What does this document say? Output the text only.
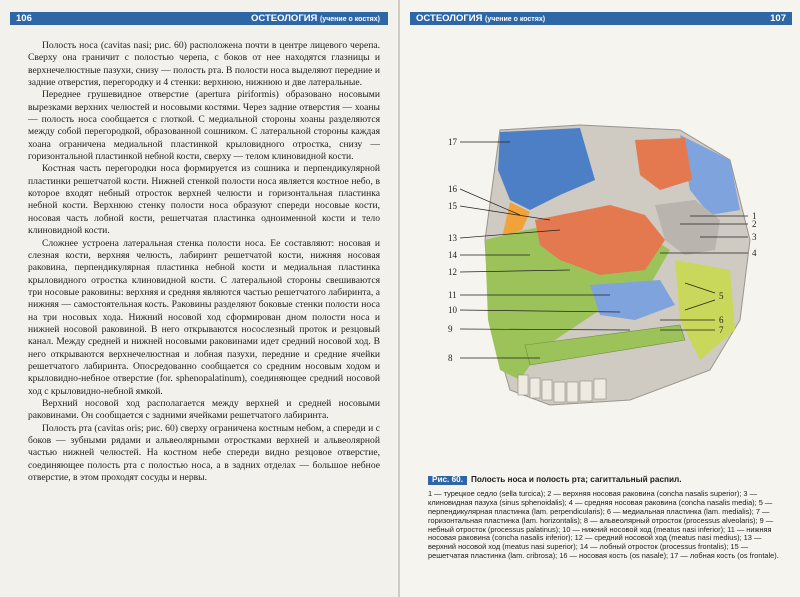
106	ОСТЕОЛОГИЯ (учение о костях)

Полость носа (cavitas nasi; рис. 60) расположена почти в центре лицевого черепа. Сверху она граничит с полостью черепа, с боков от нее находятся глазницы и верхнечелюстные пазухи, снизу — полость рта. В полости носа выделяют передние и задние отверстия, перегородку и 4 стенки: верхнюю, нижнюю и две латеральные.

Переднее грушевидное отверстие (apertura piriformis) образовано носовыми вырезками верхних челюстей и носовыми костями. Через задние отверстия — хоаны — полость носа сообщается с глоткой. С медиальной стороны хоаны разделяются между собой перегородкой, образованной сошником. С латеральной стороны каждая хоана ограничена медиальной пластинкой крыловидного отростка, снизу — горизонтальной пластинкой небной кости, сверху — телом клиновидной кости.

Костная часть перегородки носа формируется из сошника и перпендикулярной пластинки решетчатой кости. Нижней стенкой полости носа является костное небо, в которое входят небный отросток верхней челюсти и горизонтальная пластинка небной кости. Верхнюю стенку полости носа образуют спереди носовые кости, носовая часть лобной кости, решетчатая пластинка одноименной кости и тело клиновидной кости.

Сложнее устроена латеральная стенка полости носа. Ее составляют: носовая и слезная кости, верхняя челюсть, лабиринт решетчатой кости, нижняя носовая раковина, перпендикулярная пластинка небной кости и медиальная пластинка крыловидного отростка клиновидной кости. С латеральной стороны свешиваются три носовые раковины: верхняя и средняя являются частью решетчатого лабиринта, а нижняя — самостоятельная кость. Раковины разделяют боковые стенки полости носа на три носовых хода. Нижний носовой ход сформирован дном полости носа и нижней носовой раковиной. В него открываются носослезный проток и резцовый канал. Между средней и нижней носовыми раковинами идет средний носовой ход. В него открываются верхнечелюстная и лобная пазухи, передние и средние ячейки решетчатого лабиринта. Опосредованно сообщается со средним носовым ходом и крыловидно-небное отверстие (for. sphenopalatinum), соединяющее средний носовой ход с крыловидно-небной ямкой.

Верхний носовой ход располагается между верхней и средней носовыми раковинами. Он сообщается с задними ячейками решетчатого лабиринта.

Полость рта (cavitas oris; рис. 60) сверху ограничена костным небом, а спереди и с боков — зубными рядами и альвеолярными отростками верхней и альвеолярной частью нижней челюстей. На костном небе спереди видно резцовое отверстие, соединяющее полость рта с полостью носа, а в задних отделах — большое небное отверстие, в этом проходят сосуды и нервы.

ОСТЕОЛОГИЯ (учение о костях)	107
17
16
15
13
14
12
11
10
9
8
1
2
3
4
5
6
7
Рис. 60. Полость носа и полость рта; сагиттальный распил.
1 — турецкое седло (sella turcica); 2 — верхняя носовая раковина (concha nasalis superior); 3 — клиновидная пазуха (sinus sphenoidalis); 4 — средняя носовая раковина (concha nasalis media); 5 — перпендикулярная пластинка (lam. perpendicularis); 6 — медиальная пластинка (lam. medialis); 7 — горизонтальная пластинка (lam. horizontalis); 8 — альвеолярный отросток (processus alveolaris); 9 — небный отросток (processus palatinus); 10 — нижний носовой ход (meatus nasi inferior); 11 — нижняя носовая раковина (concha nasalis inferior); 12 — средний носовой ход (meatus nasi medius); 13 — верхний носовой ход (meatus nasi superior); 14 — лобный отросток (processus frontalis); 15 — решетчатая пластинка (lam. cribrosa); 16 — носовая кость (os nasale); 17 — лобная кость (os frontale).
